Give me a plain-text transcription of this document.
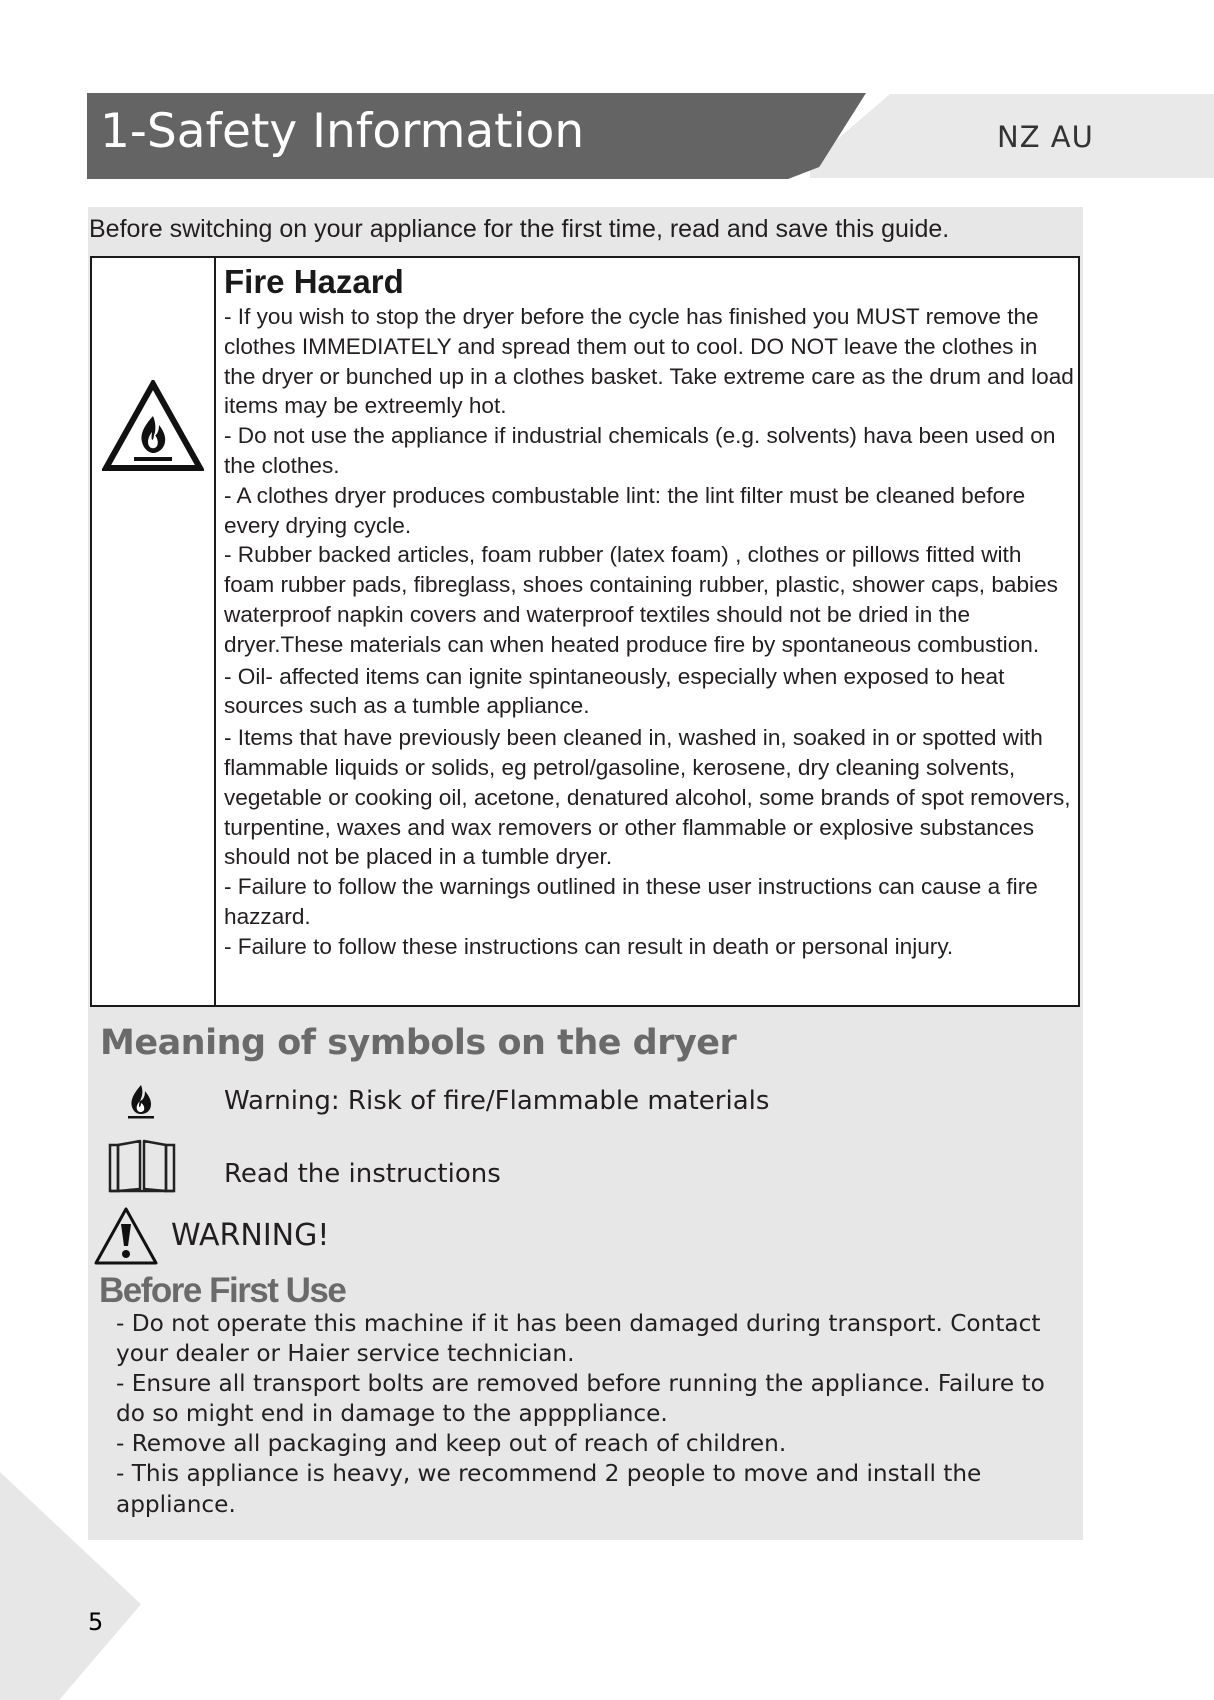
1-Safety Information	NZ AU
Before switching on your appliance for the first time, read and save this guide.
Fire Hazard

- If you wish to stop the dryer before the cycle has finished you MUST remove the clothes IMMEDIATELY and spread them out to cool. DO NOT leave the clothes in the dryer or bunched up in a clothes basket. Take extreme care as the drum and load items may be extreemly hot.

- Do not use the appliance if industrial chemicals (e.g. solvents) hava been used on the clothes.

- A clothes dryer produces combustable lint: the lint filter must be cleaned before every drying cycle.

- Rubber backed articles, foam rubber (latex foam) , clothes or pillows fitted with foam rubber pads, fibreglass, shoes containing rubber, plastic, shower caps, babies waterproof napkin covers and waterproof textiles should not be dried in the dryer.These materials can when heated produce fire by spontaneous combustion.

- Oil- affected items can ignite spintaneously, especially when exposed to heat sources such as a tumble appliance.

- Items that have previously been cleaned in, washed in, soaked in or spotted with flammable liquids or solids, eg petrol/gasoline, kerosene, dry cleaning solvents, vegetable or cooking oil, acetone, denatured alcohol, some brands of spot removers, turpentine, waxes and wax removers or other flammable or explosive substances should not be placed in a tumble dryer.

- Failure to follow the warnings outlined in these user instructions can cause a fire hazzard.

- Failure to follow these instructions can result in death or personal injury.

Meaning of symbols on the dryer
Warning: Risk of fire/Flammable materials
Read the instructions
WARNING!
Before First Use

- Do not operate this machine if it has been damaged during transport. Contact your dealer or Haier service technician.

- Ensure all transport bolts are removed before running the appliance. Failure to do so might end in damage to the appppliance.

- Remove all packaging and keep out of reach of children.

- This appliance is heavy, we recommend 2 people to move and install the appliance.

5
